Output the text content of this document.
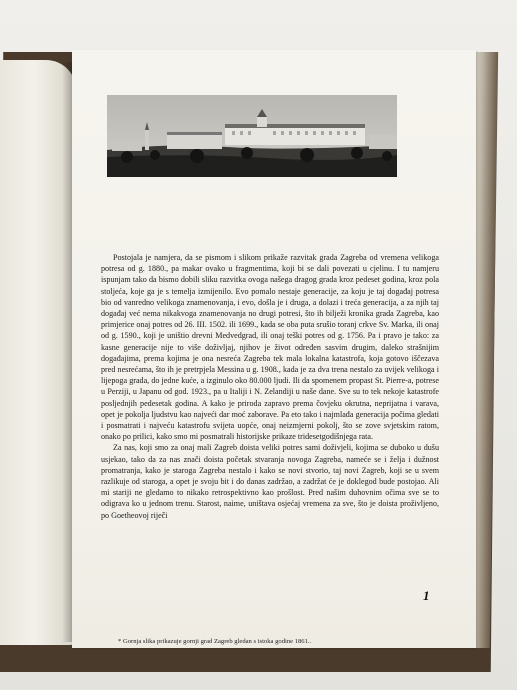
Postojala je namjera, da se pismom i slikom prikaže razvitak grada Zagreba od vremena velikoga potresa od g. 1880., pa makar ovako u fragmentima, koji bi se dali povezati u cjelinu. I tu namjeru ispunjam tako da bismo dobili sliku razvitka ovoga našega dragog grada kroz pedeset godina, kroz pola stoljeća, koje ga je s temelja izmijenilo. Evo pomalo nestaje generacije, za koju je taj događaj potresa bio od vanredno velikoga znamenovanja, i evo, došla je i druga, a dolazi i treća generacija, a za njih taj događaj već nema nikakvoga znamenovanja no drugi potresi, što ih bilježi kronika grada Zagreba, kao primjerice onaj potres od 26. III. 1502. ili 1699., kada se oba puta srušio toranj crkve Sv. Marka, ili onaj od g. 1590., koji je uništio drevni Medvedgrad, ili onaj teški potres od g. 1756. Pa i pravo je tako: za kasne generacije nije to više doživljaj, njihov je život određen sasvim drugim, daleko strašnijim događajima, prema kojima je ona nesreća Zagreba tek mala lokalna katastrofa, koja gotovo iščezava pred nesrećama, što ih je pretrpjela Messina u g. 1908., kada je za dva trena nestalo za uvijek velikoga i lijepoga grada, do jedne kuće, a izginulo oko 80.000 ljudi. Ili da spomenem propast St. Pierre-a, potrese u Perziji, u Japanu od god. 1923., pa u Italiji i N. Zelandiji u naše dane. Sve su to tek nekoje katastrofe posljednjih pedesetak godina. A kako je priroda zapravo prema čovjeku okrutna, neprijatna i varava, opet je pokolja ljudstvu kao najveći dar moć zaborave. Pa eto tako i najmlađa generacija počima gledati i posmatrati i najveću katastrofu svijeta uopće, onaj neizmjerni pokolj, što se zove svjetskim ratom, onako po prilici, kako smo mi posmatrali historijske prikaze tridesetgodišnjega rata.

Za nas, koji smo za onaj mali Zagreb doista veliki potres sami doživjeli, kojima se duboko u dušu usjekao, tako da za nas znači doista početak stvaranja novoga Zagreba, nameće se i želja i dužnost promatranja, kako je staroga Zagreba nestalo i kako se novi stvorio, taj novi Zagreb, koji se u svem razlikuje od staroga, a opet je svoju bit i do danas zadržao, a zadržat će je doklegod bude postojao. Ali mi stariji ne gledamo to nikako retrospektivno kao prošlost. Pred našim duhovnim očima sve se to odigrava ko u jednom trenu. Starost, naime, uništava osjećaj vremena za sve, što je doista proživljeno, po Goetheovoj riječi

1
* Gornja slika prikazuje gornji grad Zagreb gledan s istoka godine 1861..
